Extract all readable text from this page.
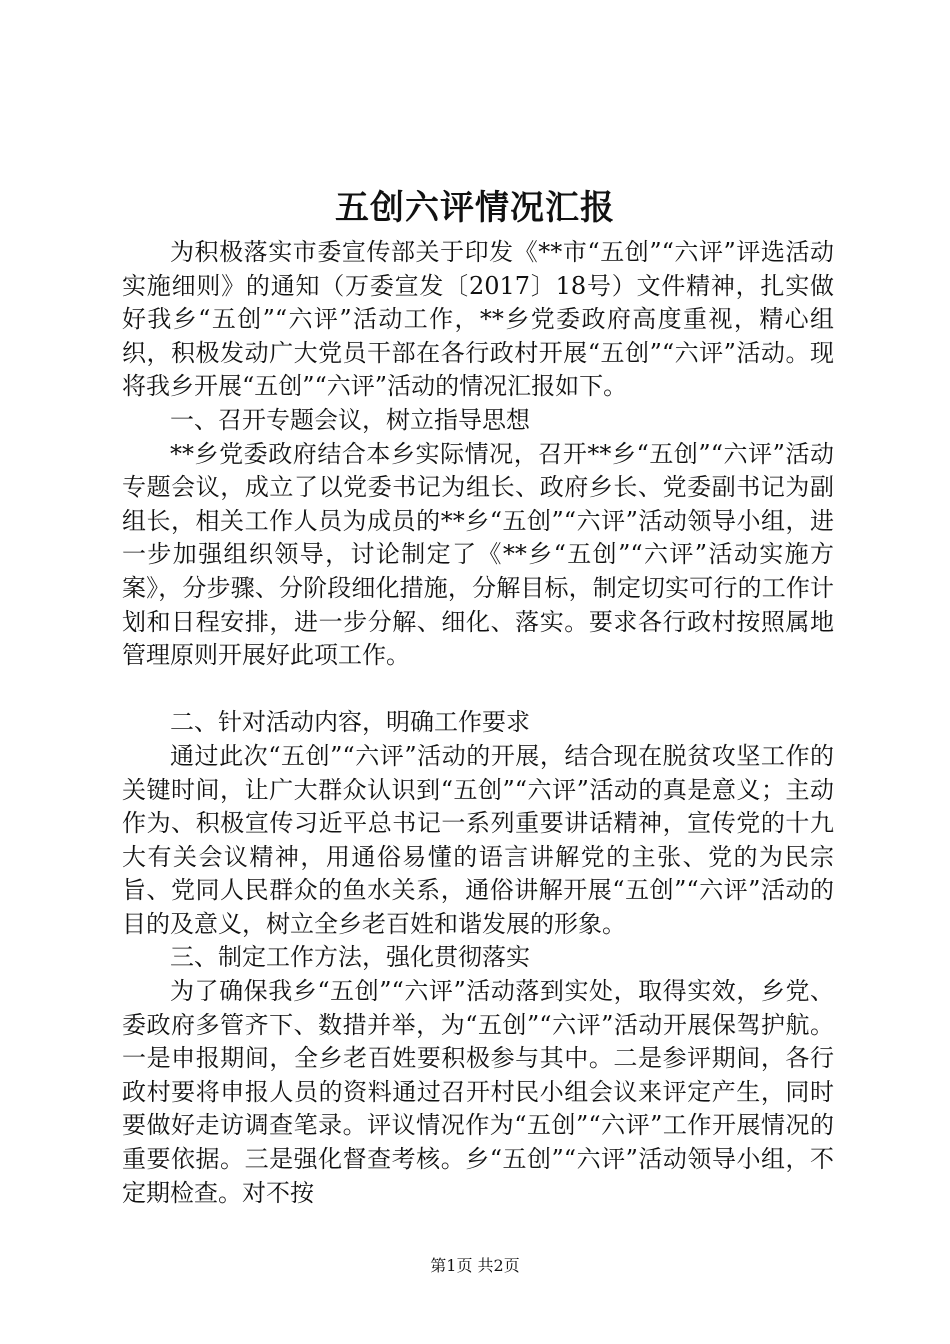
五创六评情况汇报

为积极落实市委宣传部关于印发《**市“五创”“六评”评选活动实施细则》的通知（万委宣发〔2017〕18号）文件精神，扎实做好我乡“五创”“六评”活动工作，**乡党委政府高度重视，精心组织，积极发动广大党员干部在各行政村开展“五创”“六评”活动。现将我乡开展“五创”“六评”活动的情况汇报如下。

一、召开专题会议，树立指导思想

**乡党委政府结合本乡实际情况，召开**乡“五创”“六评”活动专题会议，成立了以党委书记为组长、政府乡长、党委副书记为副组长，相关工作人员为成员的**乡“五创”“六评”活动领导小组，进一步加强组织领导，讨论制定了《**乡“五创”“六评”活动实施方案》，分步骤、分阶段细化措施，分解目标，制定切实可行的工作计划和日程安排，进一步分解、细化、落实。要求各行政村按照属地管理原则开展好此项工作。

二、针对活动内容，明确工作要求

通过此次“五创”“六评”活动的开展，结合现在脱贫攻坚工作的关键时间，让广大群众认识到“五创”“六评”活动的真是意义；主动作为、积极宣传习近平总书记一系列重要讲话精神，宣传党的十九大有关会议精神，用通俗易懂的语言讲解党的主张、党的为民宗旨、党同人民群众的鱼水关系，通俗讲解开展“五创”“六评”活动的目的及意义，树立全乡老百姓和谐发展的形象。

三、制定工作方法，强化贯彻落实

为了确保我乡“五创”“六评”活动落到实处，取得实效，乡党、委政府多管齐下、数措并举，为“五创”“六评”活动开展保驾护航。一是申报期间，全乡老百姓要积极参与其中。二是参评期间，各行政村要将申报人员的资料通过召开村民小组会议来评定产生，同时要做好走访调查笔录。评议情况作为“五创”“六评”工作开展情况的重要依据。三是强化督查考核。乡“五创”“六评”活动领导小组，不定期检查。对不按

第1页 共2页
